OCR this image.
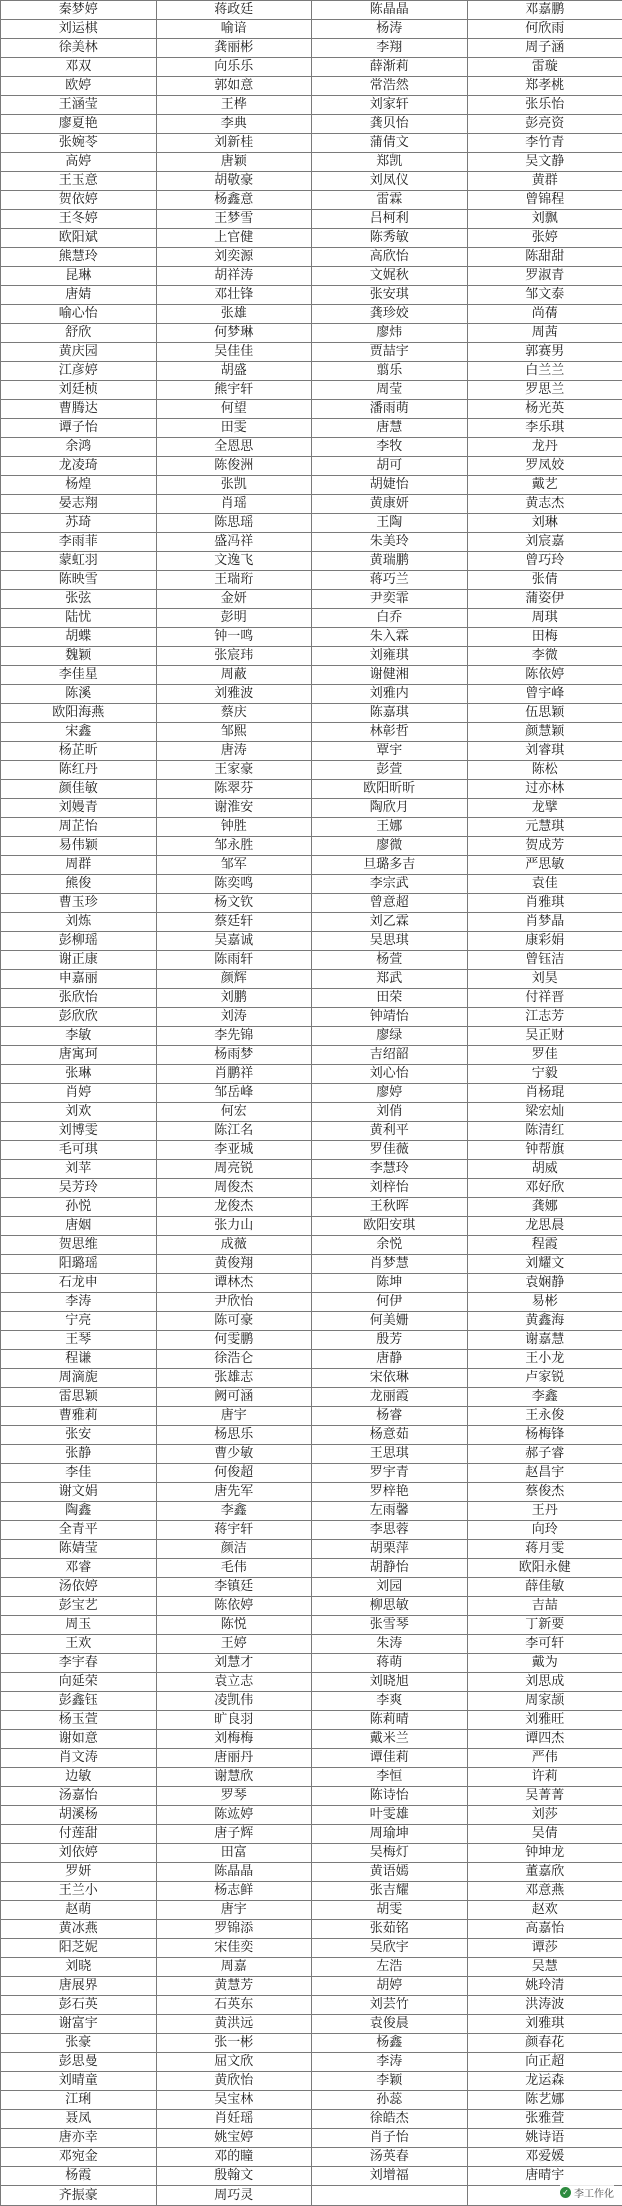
秦梦婷	蒋政廷	陈晶晶	邓嘉鹏
刘运棋	喻谙	杨涛	何欣雨
徐美林	龚丽彬	李翔	周子涵
邓双	向乐乐	薛渐莉	雷璇
欧婷	郭如意	常浩然	郑孝桃
王涵莹	王桦	刘家轩	张乐怡
廖夏艳	李典	龚贝怡	彭亮资
张婉苓	刘新桂	蒲倩文	李竹青
高婷	唐颖	郑凯	吴文静
王玉意	胡敬豪	刘凤仪	黄群
贺依婷	杨鑫意	雷霖	曾锦程
王冬婷	王梦雪	吕柯利	刘飘
欧阳斌	上官健	陈秀敏	张婷
熊慧玲	刘奕源	高欣怡	陈甜甜
昆琳	胡祥涛	文娓秋	罗淑青
唐婧	邓壮锋	张安琪	邹文泰
喻心怡	张雄	龚珍姣	尚蒨
舒欣	何梦琳	廖炜	周茜
黄庆园	吴佳佳	贾喆宇	郭赛男
江彦婷	胡盛	翦乐	白兰兰
刘廷桢	熊宇轩	周莹	罗思兰
曹腾达	何望	潘雨萌	杨光英
谭子怡	田雯	唐慧	李乐琪
余鸿	全恩思	李牧	龙丹
龙凌琦	陈俊洲	胡可	罗凤姣
杨煌	张凯	胡婕怡	戴艺
晏志翔	肖瑶	黄康妍	黄志杰
苏琦	陈思瑶	王陶	刘琳
李雨菲	盛冯祥	朱美玲	刘宸嘉
蒙虹羽	文逸飞	黄瑞鹏	曾巧玲
陈映雪	王瑞珩	蒋巧兰	张倩
张弦	金妍	尹奕霏	蒲姿伊
陆忧	彭明	白乔	周琪
胡蝶	钟一鸣	朱入霖	田梅
魏颖	张宸玮	刘雍琪	李微
李佳星	周蔽	谢健湘	陈依婷
陈溪	刘雅波	刘雅内	曾宇峰
欧阳海燕	蔡庆	陈嘉琪	伍思颖
宋鑫	邹熙	林彰哲	颜慧颖
杨芷昕	唐涛	覃宇	刘睿琪
陈红丹	王家豪	彭萱	陈松
颜佳敏	陈翠芬	欧阳昕昕	过亦林
刘嫚青	谢淮安	陶欣月	龙擘
周芷怡	钟胜	王娜	元慧琪
易伟颖	邹永胜	廖微	贺成芳
周群	邹军	旦璐多吉	严思敏
熊俊	陈奕鸣	李宗武	袁佳
曹玉珍	杨文钦	曾意超	肖雅琪
刘炼	蔡廷轩	刘乙霖	肖梦晶
彭柳瑶	吴嘉诚	吴思琪	康彩娟
谢正康	陈雨轩	杨萱	曾钰洁
申嘉丽	颜辉	郑武	刘昊
张欣怡	刘鹏	田荣	付祥晋
彭欣欣	刘涛	钟靖怡	江志芳
李敏	李先锦	廖绿	吴正财
唐寓珂	杨雨梦	吉绍韶	罗佳
张琳	肖鹏祥	刘心怡	宁毅
肖婷	邹岳峰	廖婷	肖杨琨
刘欢	何宏	刘俏	梁宏灿
刘博雯	陈江名	黄利平	陈清红
毛可琪	李亚城	罗佳薇	钟帮旗
刘苹	周亮锐	李慧玲	胡威
吴芳玲	周俊杰	刘梓怡	邓好欣
孙悦	龙俊杰	王秋晖	龚娜
唐姻	张力山	欧阳安琪	龙思晨
贺思维	成薇	余悦	程霞
阳璐瑶	黄俊翔	肖梦慧	刘耀文
石龙申	谭林杰	陈坤	袁娴静
李涛	尹欣怡	何伊	易彬
宁亮	陈可豪	何美姗	黄鑫海
王琴	何雯鹏	殷芳	谢嘉慧
程谦	徐浩仑	唐静	王小龙
周滴旎	张雄志	宋依琳	卢家锐
雷思颖	阙可涵	龙丽霞	李鑫
曹雅莉	唐宇	杨睿	王永俊
张安	杨思乐	杨意茹	杨梅锋
张静	曹少敏	王思琪	郝子睿
李佳	何俊超	罗宇青	赵昌宇
谢文娟	唐先军	罗梓艳	蔡俊杰
陶鑫	李鑫	左雨馨	王丹
全青平	蒋宇轩	李思蓉	向玲
陈婧莹	颜洁	胡栗萍	蒋月雯
邓睿	毛伟	胡静怡	欧阳永健
汤依婷	李镇廷	刘园	薛佳敏
彭宝艺	陈依婷	柳思敏	吉喆
周玉	陈悦	张雪琴	丁新要
王欢	王婷	朱涛	李可轩
李宇春	刘慧才	蒋萌	戴为
向延荣	袁立志	刘晓旭	刘思成
彭鑫钰	凌凯伟	李爽	周家颉
杨玉萱	旷良羽	陈莉晴	刘雅旺
谢如意	刘梅梅	戴米兰	谭四杰
肖文涛	唐丽丹	谭佳莉	严伟
边敏	谢慧欣	李恒	许莉
汤嘉怡	罗琴	陈诗怡	吴菁菁
胡溪杨	陈竑婷	叶雯雄	刘莎
付莲甜	唐子辉	周瑜坤	吴倩
刘依婷	田富	吴梅灯	钟坤龙
罗妍	陈晶晶	黄语嫣	董嘉欣
王兰小	杨志鲜	张吉耀	邓意燕
赵萌	唐宇	胡雯	赵欢
黄冰燕	罗锦添	张茹铭	高嘉怡
阳芝妮	宋佳奕	吴欣宇	谭莎
刘晓	周嘉	左浩	吴慧
唐展界	黄慧芳	胡婷	姚玲清
彭石英	石英东	刘芸竹	洪涛波
谢富宇	黄洪远	袁俊晨	刘雅琪
张豪	张一彬	杨鑫	颜春花
彭思曼	屈文欣	李涛	向正超
刘晴童	黄欣怡	李颖	龙运森
江琍	吴宝林	孙蕊	陈艺娜
聂凤	肖妊瑶	徐皓杰	张雅萱
唐亦幸	姚宝婷	肖子怡	姚诗语
邓宛金	邓的瞳	汤英春	邓爱媛
杨霞	殷翰文	刘增福	唐晴宇
齐振豪	周巧灵			✓ 李工作化
